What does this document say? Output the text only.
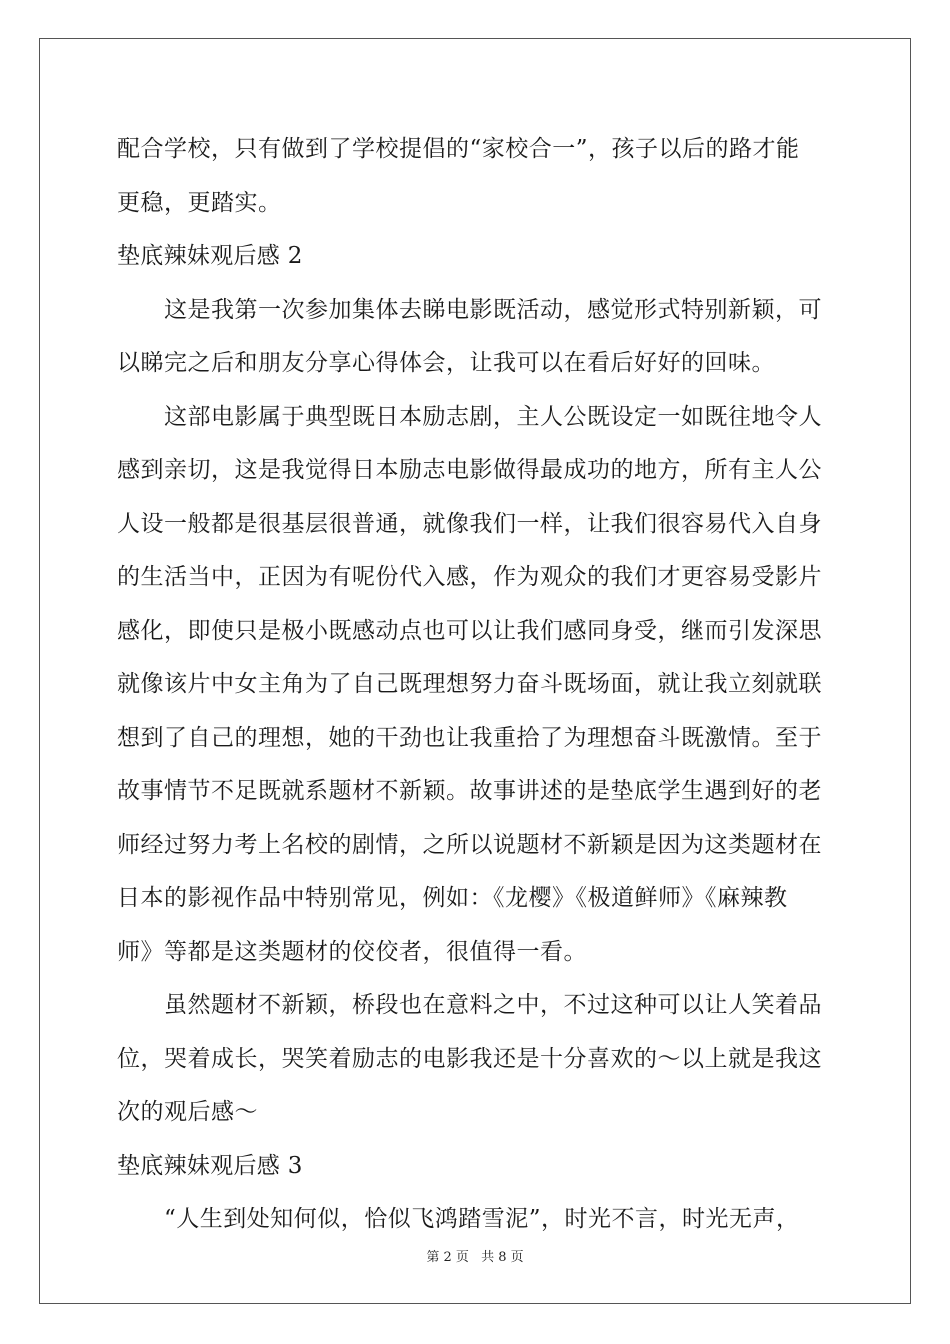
配合学校，只有做到了学校提倡的“家校合一”，孩子以后的路才能
更稳，更踏实。
垫底辣妹观后感 2
　　这是我第一次参加集体去睇电影既活动，感觉形式特别新颖，可
以睇完之后和朋友分享心得体会，让我可以在看后好好的回味。
　　这部电影属于典型既日本励志剧，主人公既设定一如既往地令人
感到亲切，这是我觉得日本励志电影做得最成功的地方，所有主人公
人设一般都是很基层很普通，就像我们一样，让我们很容易代入自身
的生活当中，正因为有呢份代入感，作为观众的我们才更容易受影片
感化，即使只是极小既感动点也可以让我们感同身受，继而引发深思
就像该片中女主角为了自己既理想努力奋斗既场面，就让我立刻就联
想到了自己的理想，她的干劲也让我重拾了为理想奋斗既激情。至于
故事情节不足既就系题材不新颖。故事讲述的是垫底学生遇到好的老
师经过努力考上名校的剧情，之所以说题材不新颖是因为这类题材在
日本的影视作品中特别常见，例如：《龙樱》《极道鲜师》《麻辣教
师》等都是这类题材的佼佼者，很值得一看。
　　虽然题材不新颖，桥段也在意料之中，不过这种可以让人笑着品
位，哭着成长，哭笑着励志的电影我还是十分喜欢的～以上就是我这
次的观后感～
垫底辣妹观后感 3
　　“人生到处知何似，恰似飞鸿踏雪泥”，时光不言，时光无声，
第 2 页 共 8 页
